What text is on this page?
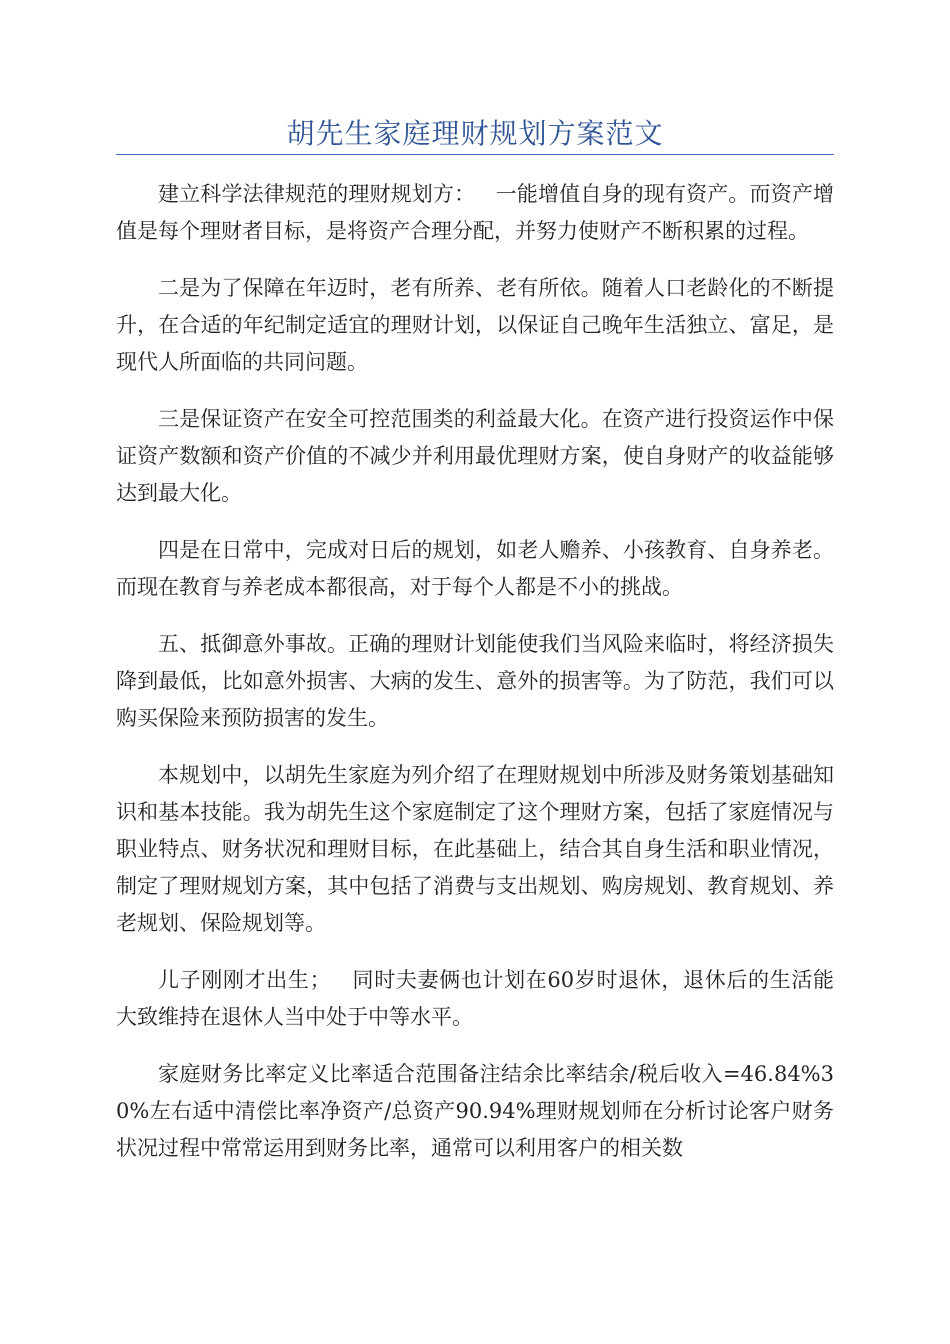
胡先生家庭理财规划方案范文

建立科学法律规范的理财规划方：   一能增值自身的现有资产。而资产增值是每个理财者目标，是将资产合理分配，并努力使财产不断积累的过程。

二是为了保障在年迈时，老有所养、老有所依。随着人口老龄化的不断提升，在合适的年纪制定适宜的理财计划，以保证自己晚年生活独立、富足，是现代人所面临的共同问题。

三是保证资产在安全可控范围类的利益最大化。在资产进行投资运作中保证资产数额和资产价值的不减少并利用最优理财方案，使自身财产的收益能够达到最大化。

四是在日常中，完成对日后的规划，如老人赡养、小孩教育、自身养老。而现在教育与养老成本都很高，对于每个人都是不小的挑战。

五、抵御意外事故。正确的理财计划能使我们当风险来临时，将经济损失降到最低，比如意外损害、大病的发生、意外的损害等。为了防范，我们可以购买保险来预防损害的发生。

本规划中，以胡先生家庭为列介绍了在理财规划中所涉及财务策划基础知识和基本技能。我为胡先生这个家庭制定了这个理财方案，包括了家庭情况与职业特点、财务状况和理财目标，在此基础上，结合其自身生活和职业情况，制定了理财规划方案，其中包括了消费与支出规划、购房规划、教育规划、养老规划、保险规划等。

儿子刚刚才出生；   同时夫妻俩也计划在60岁时退休，退休后的生活能大致维持在退休人当中处于中等水平。

家庭财务比率定义比率适合范围备注结余比率结余/税后收入=46.84%30%左右适中清偿比率净资产/总资产90.94%理财规划师在分析讨论客户财务状况过程中常常运用到财务比率，通常可以利用客户的相关数
